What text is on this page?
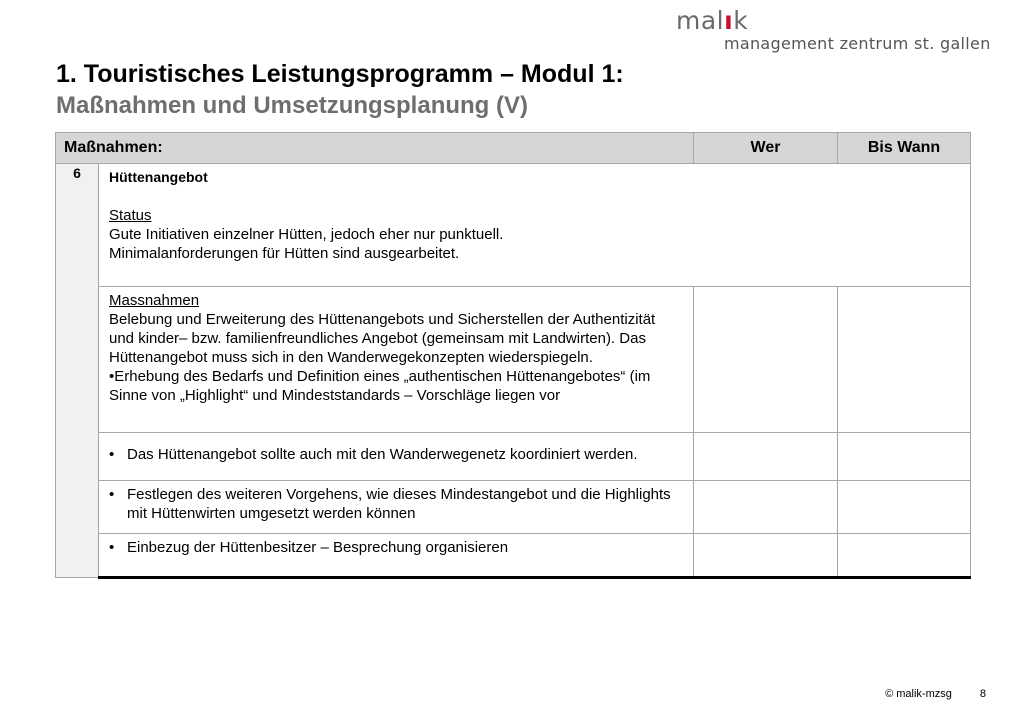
malık
management zentrum st. gallen
1. Touristisches Leistungsprogramm – Modul 1:
Maßnahmen und Umsetzungsplanung (V)
Maßnahmen:		Wer	Bis Wann
6	Hüttenangebot
Status
Gute Initiativen einzelner Hütten, jedoch eher nur punktuell.
Minimalanforderungen für Hütten sind ausgearbeitet.		

	Massnahmen
Belebung und Erweiterung des Hüttenangebots und Sicherstellen der Authentizität und kinder– bzw. familienfreundliches Angebot (gemeinsam mit Landwirten). Das Hüttenangebot muss sich in den Wanderwegekonzepten wiederspiegeln.
•Erhebung des Bedarfs und Definition eines „authentischen Hüttenangebotes“ (im Sinne von „Highlight“ und Mindeststandards – Vorschläge liegen vor		

	• Das Hüttenangebot sollte auch mit den Wanderwegenetz koordiniert werden.		

	• Festlegen des weiteren Vorgehens, wie dieses Mindestangebot und die Highlights mit Hüttenwirten umgesetzt werden können		

	• Einbezug der Hüttenbesitzer – Besprechung organisieren		

© malik-mzsg	8
